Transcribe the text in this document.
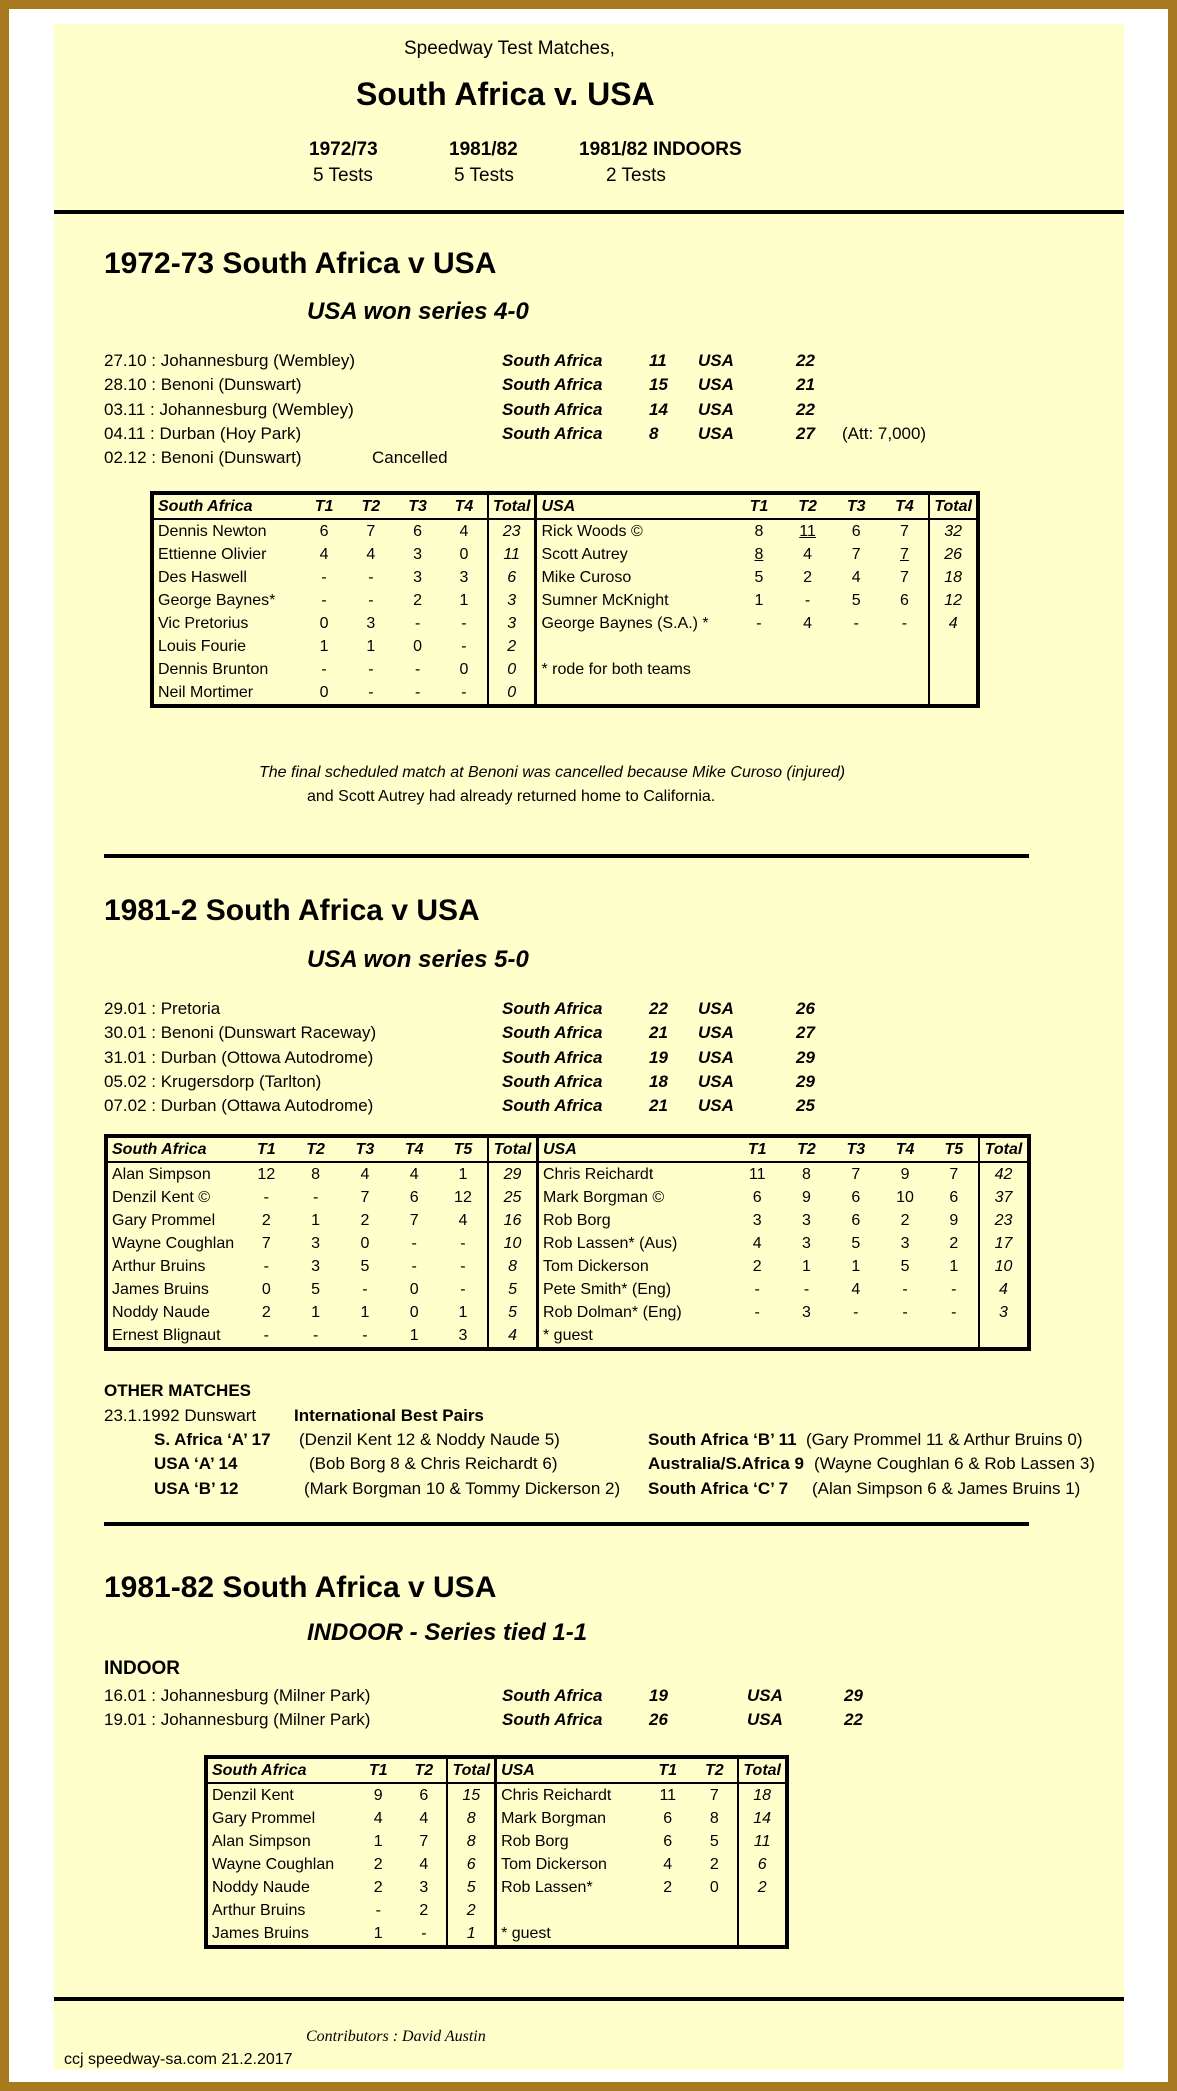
Speedway Test Matches,
South Africa v. USA
1972/73
5 Tests
1981/82
5 Tests
1981/82 INDOORS
2 Tests
1972-73 South Africa v USA
USA won series 4-0
27.10 : Johannesburg (Wembley)	South Africa	11 USA	22
28.10 : Benoni (Dunswart)	South Africa	15 USA	21
03.11 : Johannesburg (Wembley)	South Africa	14 USA	22
04.11 : Durban (Hoy Park)	South Africa	8 USA	27 (Att: 7,000)
02.12 : Benoni (Dunswart)	Cancelled
South Africa	T1	T2	T3	T4	Total	USA	T1	T2	T3	T4	Total
Dennis Newton	6	7	6	4	23	Rick Woods ©	8	11	6	7	32
Ettienne Olivier	4	4	3	0	11	Scott Autrey	8	4	7	7	26
Des Haswell	-	-	3	3	6	Mike Curoso	5	2	4	7	18
George Baynes*	-	-	2	1	3	Sumner McKnight	1	-	5	6	12
Vic Pretorius	0	3	-	-	3	George Baynes (S.A.) *	-	4	-	-	4
Louis Fourie	1	1	0	-	2						
Dennis Brunton	-	-	-	0	0	* rode for both teams					
Neil Mortimer	0	-	-	-	0						
The final scheduled match at Benoni was cancelled because Mike Curoso (injured)
and Scott Autrey had already returned home to California.
1981-2 South Africa v USA
USA won series 5-0
29.01 : Pretoria	South Africa	22 USA	26
30.01 : Benoni (Dunswart Raceway)	South Africa	21 USA	27
31.01 : Durban (Ottowa Autodrome)	South Africa	19 USA	29
05.02 : Krugersdorp (Tarlton)	South Africa	18 USA	29
07.02 : Durban (Ottawa Autodrome)	South Africa	21 USA	25
South Africa	T1	T2	T3	T4	T5	Total	USA	T1	T2	T3	T4	T5	Total
Alan Simpson	12	8	4	4	1	29	Chris Reichardt	11	8	7	9	7	42
Denzil Kent ©	-	-	7	6	12	25	Mark Borgman ©	6	9	6	10	6	37
Gary Prommel	2	1	2	7	4	16	Rob Borg	3	3	6	2	9	23
Wayne Coughlan	7	3	0	-	-	10	Rob Lassen* (Aus)	4	3	5	3	2	17
Arthur Bruins	-	3	5	-	-	8	Tom Dickerson	2	1	1	5	1	10
James Bruins	0	5	-	0	-	5	Pete Smith* (Eng)	-	-	4	-	-	4
Noddy Naude	2	1	1	0	1	5	Rob Dolman* (Eng)	-	3	-	-	-	3
Ernest Blignaut	-	-	-	1	3	4	* guest						
OTHER MATCHES
23.1.1992 Dunswart International Best Pairs
S. Africa ‘A’ 17 (Denzil Kent 12 & Noddy Naude 5)
USA ‘A’ 14	(Bob Borg 8 & Chris Reichardt 6)
USA ‘B’ 12	(Mark Borgman 10 & Tommy Dickerson 2)
South Africa ‘B’ 11 (Gary Prommel 11 & Arthur Bruins 0)
Australia/S.Africa 9 (Wayne Coughlan 6 & Rob Lassen 3)
South Africa ‘C’ 7 (Alan Simpson 6 & James Bruins 1)
1981-82 South Africa v USA
INDOOR - Series tied 1-1
INDOOR
16.01 : Johannesburg (Milner Park)	South Africa	19	USA	29
19.01 : Johannesburg (Milner Park)	South Africa	26	USA	22
South Africa	T1	T2	Total	USA	T1	T2	Total
Denzil Kent	9	6	15	Chris Reichardt	11	7	18
Gary Prommel	4	4	8	Mark Borgman	6	8	14
Alan Simpson	1	7	8	Rob Borg	6	5	11
Wayne Coughlan	2	4	6	Tom Dickerson	4	2	6
Noddy Naude	2	3	5	Rob Lassen*	2	0	2
Arthur Bruins	-	2	2				
James Bruins	1	-	1	* guest			
Contributors : David Austin
ccj speedway-sa.com 21.2.2017
